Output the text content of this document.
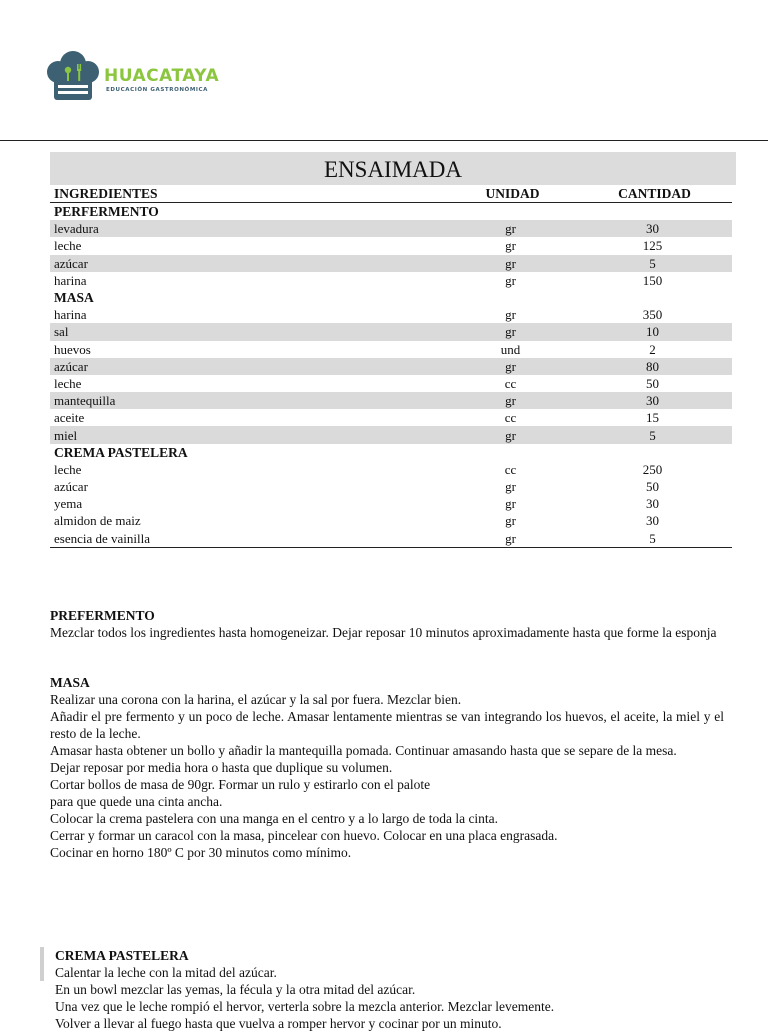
HUACATAYA
EDUCACIÓN GASTRONÓMICA
ENSAIMADA
INGREDIENTES	UNIDAD	CANTIDAD
PERFERMENTO		
levadura	gr	30
leche	gr	125
azúcar	gr	5
harina	gr	150
MASA		
harina	gr	350
sal	gr	10
huevos	und	2
azúcar	gr	80
leche	cc	50
mantequilla	gr	30
aceite	cc	15
miel	gr	5
CREMA PASTELERA		
leche	cc	250
azúcar	gr	50
yema	gr	30
almidon de maiz	gr	30
esencia de vainilla	gr	5
PREFERMENTO

Mezclar todos los ingredientes hasta homogeneizar. Dejar reposar 10 minutos aproximadamente hasta que forme la esponja

MASA

Realizar una corona con la harina, el azúcar y la sal por fuera. Mezclar bien.

Añadir el pre fermento y un poco de leche. Amasar lentamente mientras se van integrando los huevos, el aceite, la miel y el resto de la leche.

Amasar hasta obtener un bollo y añadir la mantequilla pomada. Continuar amasando hasta que se separe de la mesa.

Dejar reposar por media hora o hasta que duplique su volumen.

Cortar bollos de masa de 90gr. Formar un rulo y estirarlo con el palote

para que quede una cinta ancha.

Colocar la crema pastelera con una manga en el centro y a lo largo de toda la cinta.

Cerrar y formar un caracol con la masa, pincelear con huevo. Colocar en una placa engrasada.

Cocinar en horno 180º C por 30 minutos como mínimo.

CREMA PASTELERA

Calentar la leche con la mitad del azúcar.

En un bowl mezclar las yemas, la fécula y la otra mitad del azúcar.

Una vez que le leche rompió el hervor, verterla sobre la mezcla anterior. Mezclar levemente.

Volver a llevar al fuego hasta que vuelva a romper hervor y cocinar por un minuto.
